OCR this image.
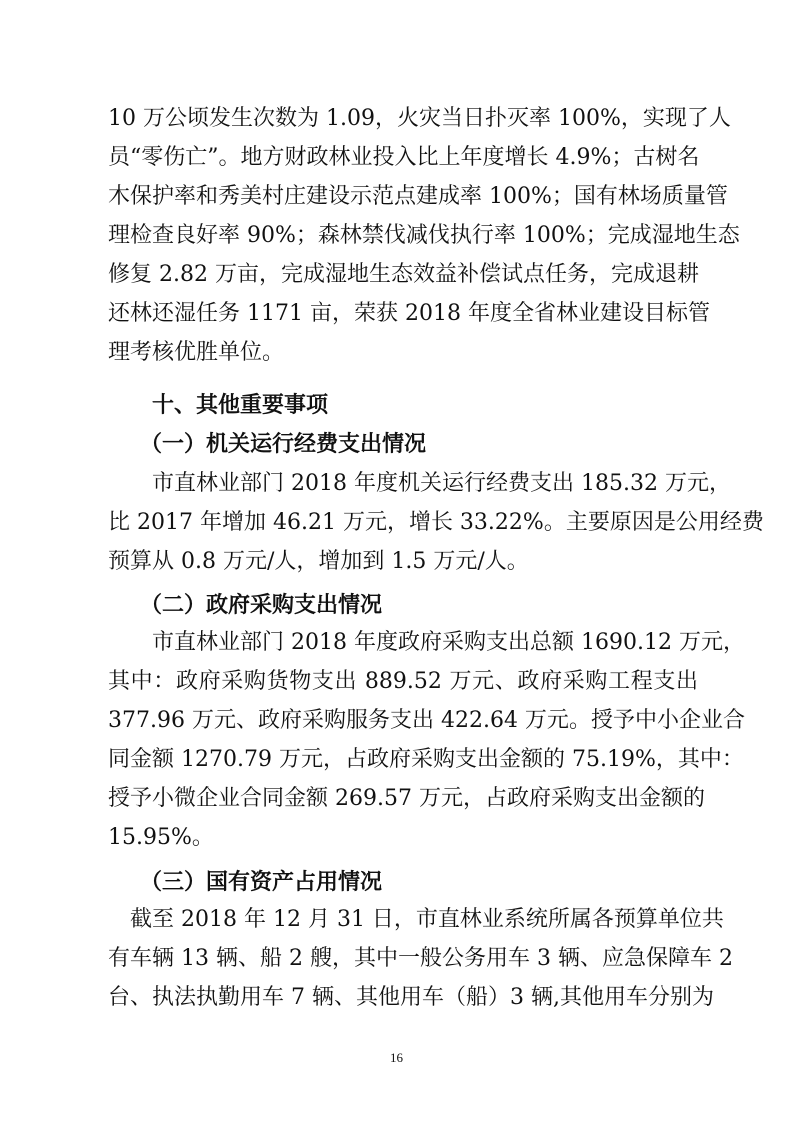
10 万公顷发生次数为 1.09，火灾当日扑灭率 100%，实现了人
员“零伤亡”。地方财政林业投入比上年度增长 4.9%；古树名
木保护率和秀美村庄建设示范点建成率 100%；国有林场质量管
理检查良好率 90%；森林禁伐减伐执行率 100%；完成湿地生态
修复 2.82 万亩，完成湿地生态效益补偿试点任务，完成退耕
还林还湿任务 1171 亩，荣获 2018 年度全省林业建设目标管
理考核优胜单位。
十、其他重要事项
（一）机关运行经费支出情况
市直林业部门 2018 年度机关运行经费支出 185.32 万元，
比 2017 年增加 46.21 万元，增长 33.22%。主要原因是公用经费
预算从 0.8 万元/人，增加到 1.5 万元/人。
（二）政府采购支出情况
市直林业部门 2018 年度政府采购支出总额 1690.12 万元，
其中：政府采购货物支出 889.52 万元、政府采购工程支出
377.96 万元、政府采购服务支出 422.64 万元。授予中小企业合
同金额 1270.79 万元，占政府采购支出金额的 75.19%，其中：
授予小微企业合同金额 269.57 万元，占政府采购支出金额的
15.95%。
（三）国有资产占用情况
截至 2018 年 12 月 31 日，市直林业系统所属各预算单位共
有车辆 13 辆、船 2 艘，其中一般公务用车 3 辆、应急保障车 2
台、执法执勤用车 7 辆、其他用车（船）3 辆,其他用车分别为
16
